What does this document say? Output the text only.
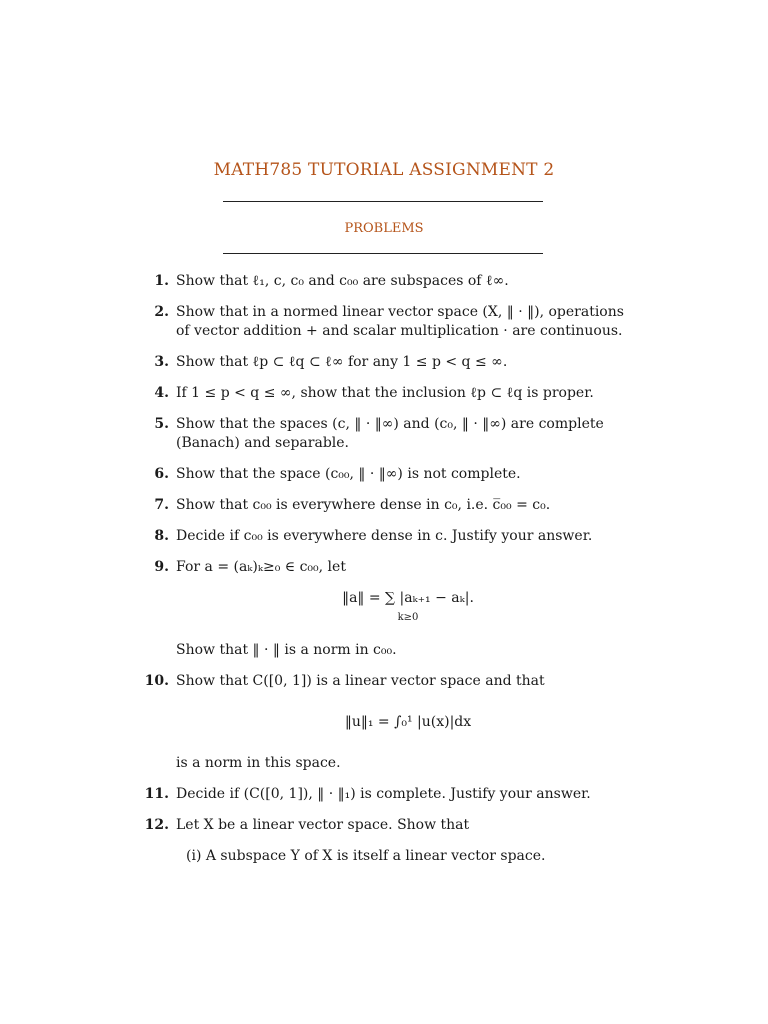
MATH785 TUTORIAL ASSIGNMENT 2
PROBLEMS
1. Show that ℓ₁, c, c₀ and c₀₀ are subspaces of ℓ∞.
2. Show that in a normed linear vector space (X, ‖ · ‖), operations of vector addition + and scalar multiplication · are continuous.
3. Show that ℓp ⊂ ℓq ⊂ ℓ∞ for any 1 ≤ p < q ≤ ∞.
4. If 1 ≤ p < q ≤ ∞, show that the inclusion ℓp ⊂ ℓq is proper.
5. Show that the spaces (c, ‖ · ‖∞) and (c₀, ‖ · ‖∞) are complete (Banach) and separable.
6. Show that the space (c₀₀, ‖ · ‖∞) is not complete.
7. Show that c₀₀ is everywhere dense in c₀, i.e. c̅₀₀ = c₀.
8. Decide if c₀₀ is everywhere dense in c. Justify your answer.
9. For a = (aₖ)ₖ≥₀ ∈ c₀₀, let
‖a‖ = ∑ |aₖ₊₁ − aₖ|.
k≥0
Show that ‖ · ‖ is a norm in c₀₀.
10. Show that C([0, 1]) is a linear vector space and that
‖u‖₁ = ∫₀¹ |u(x)|dx
is a norm in this space.
11. Decide if (C([0, 1]), ‖ · ‖₁) is complete. Justify your answer.
12. Let X be a linear vector space. Show that
(i) A subspace Y of X is itself a linear vector space.
